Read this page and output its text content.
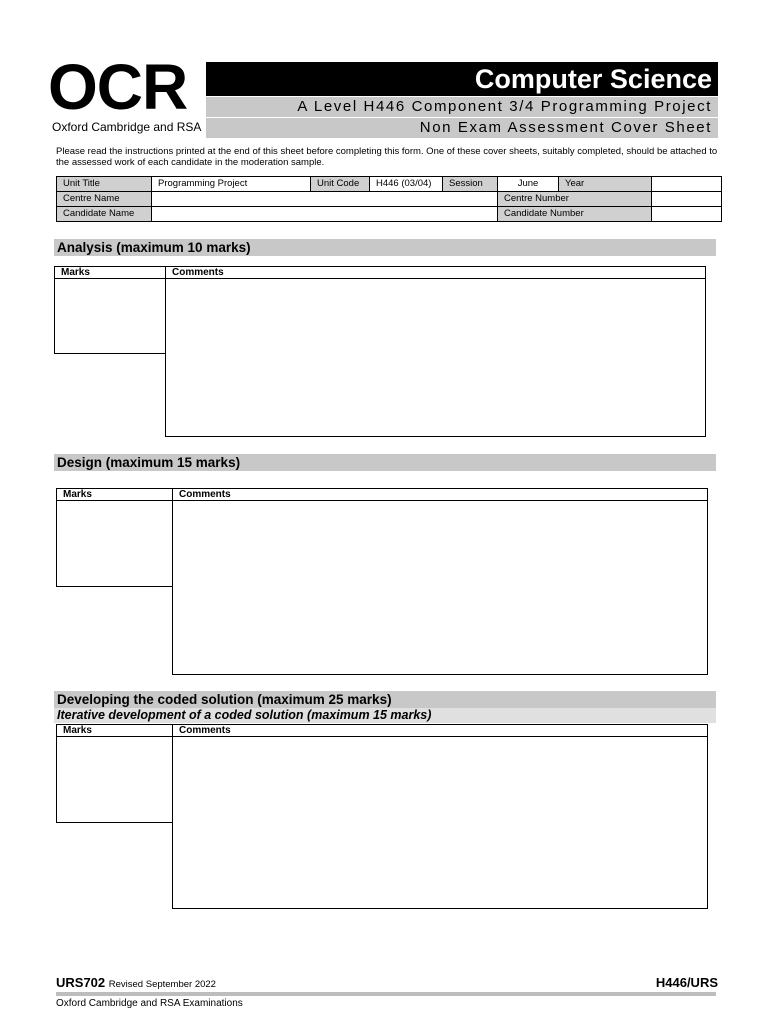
OCR
Oxford Cambridge and RSA
Computer Science
A Level H446 Component 3/4 Programming Project
Non Exam Assessment Cover Sheet
Please read the instructions printed at the end of this sheet before completing this form. One of these cover sheets, suitably completed, should be attached to the assessed work of each candidate in the moderation sample.
Unit Title	Programming Project	Unit Code	H446 (03/04)	Session	June	Year	
Centre Name					Centre Number		
Candidate Name					Candidate Number		
Analysis (maximum 10 marks)
Marks	Comments
Design (maximum 15 marks)
Marks	Comments
Developing the coded solution (maximum 25 marks)
Iterative development of a coded solution (maximum 15 marks)
Marks	Comments
URS702 Revised September 2022	H446/URS
Oxford Cambridge and RSA Examinations
